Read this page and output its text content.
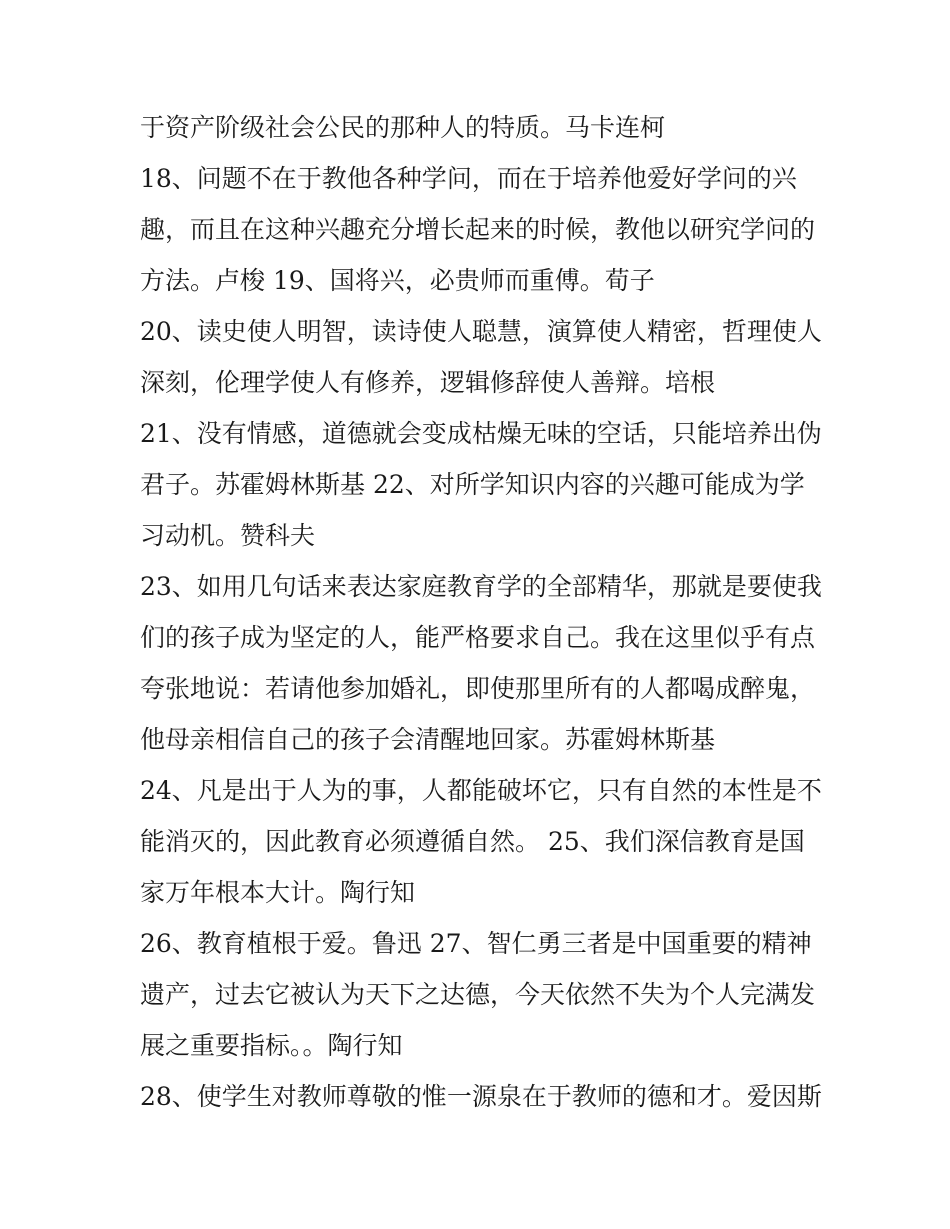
于资产阶级社会公民的那种人的特质。马卡连柯
18、问题不在于教他各种学问，而在于培养他爱好学问的兴
趣，而且在这种兴趣充分增长起来的时候，教他以研究学问的
方法。卢梭 19、国将兴，必贵师而重傅。荀子
20、读史使人明智，读诗使人聪慧，演算使人精密，哲理使人
深刻，伦理学使人有修养，逻辑修辞使人善辩。培根
21、没有情感，道德就会变成枯燥无味的空话，只能培养出伪
君子。苏霍姆林斯基 22、对所学知识内容的兴趣可能成为学
习动机。赞科夫
23、如用几句话来表达家庭教育学的全部精华，那就是要使我
们的孩子成为坚定的人，能严格要求自己。我在这里似乎有点
夸张地说：若请他参加婚礼，即使那里所有的人都喝成醉鬼，
他母亲相信自己的孩子会清醒地回家。苏霍姆林斯基
24、凡是出于人为的事，人都能破坏它，只有自然的本性是不
能消灭的，因此教育必须遵循自然。 25、我们深信教育是国
家万年根本大计。陶行知
26、教育植根于爱。鲁迅 27、智仁勇三者是中国重要的精神
遗产，过去它被认为天下之达德，今天依然不失为个人完满发
展之重要指标。。陶行知
28、使学生对教师尊敬的惟一源泉在于教师的德和才。爱因斯
